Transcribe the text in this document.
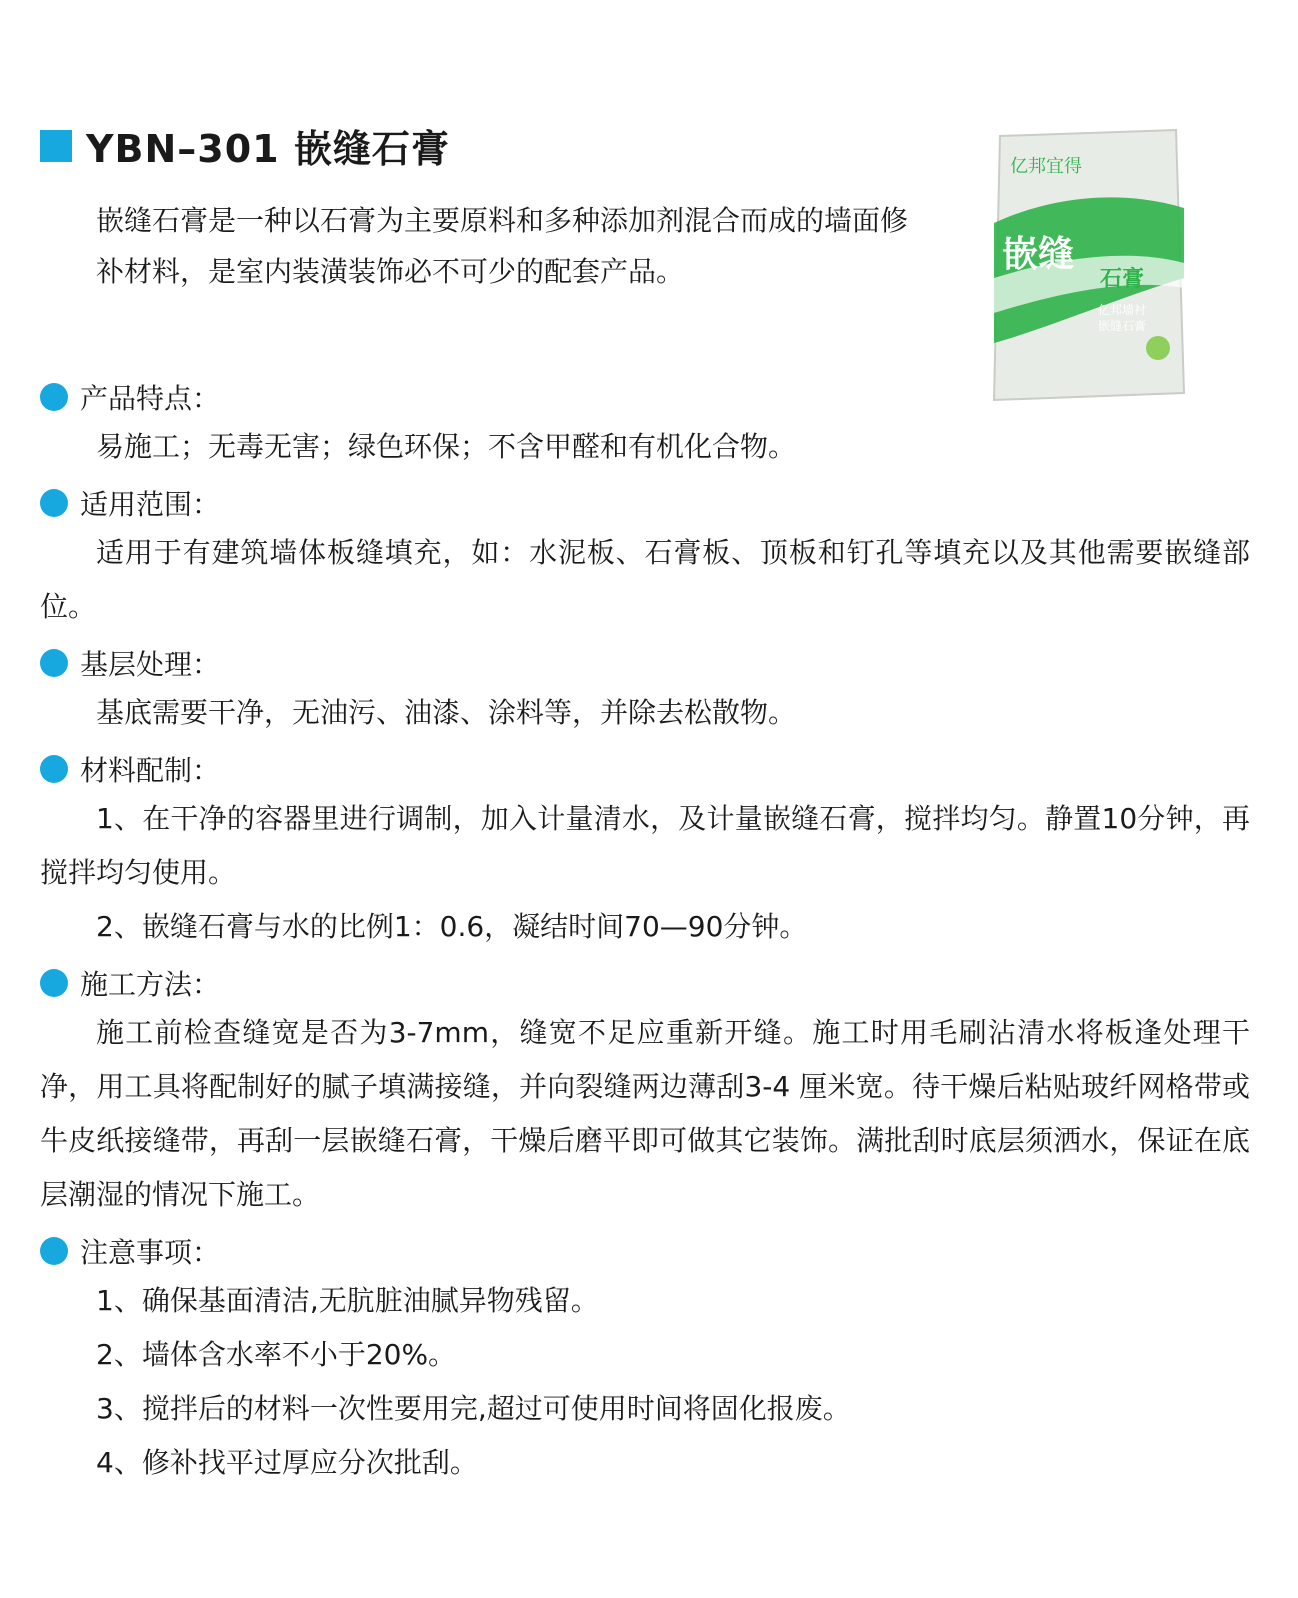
YBN–301 嵌缝石膏
嵌缝石膏是一种以石膏为主要原料和多种添加剂混合而成的墙面修补材料，是室内装潢装饰必不可少的配套产品。
亿邦宜得
嵌缝
石膏
亿邦墙衬
嵌缝石膏
产品特点：
易施工；无毒无害；绿色环保；不含甲醛和有机化合物。
适用范围：
适用于有建筑墙体板缝填充，如：水泥板、石膏板、顶板和钉孔等填充以及其他需要嵌缝部位。
基层处理：
基底需要干净，无油污、油漆、涂料等，并除去松散物。
材料配制：
1、在干净的容器里进行调制，加入计量清水，及计量嵌缝石膏，搅拌均匀。静置10分钟，再搅拌均匀使用。
2、嵌缝石膏与水的比例1：0.6，凝结时间70—90分钟。
施工方法：
施工前检查缝宽是否为3-7mm，缝宽不足应重新开缝。施工时用毛刷沾清水将板逢处理干净，用工具将配制好的腻子填满接缝，并向裂缝两边薄刮3-4 厘米宽。待干燥后粘贴玻纤网格带或牛皮纸接缝带，再刮一层嵌缝石膏，干燥后磨平即可做其它装饰。满批刮时底层须洒水，保证在底层潮湿的情况下施工。
注意事项：
1、确保基面清洁,无肮脏油腻异物残留。
2、墙体含水率不小于20%。
3、搅拌后的材料一次性要用完,超过可使用时间将固化报废。
4、修补找平过厚应分次批刮。
